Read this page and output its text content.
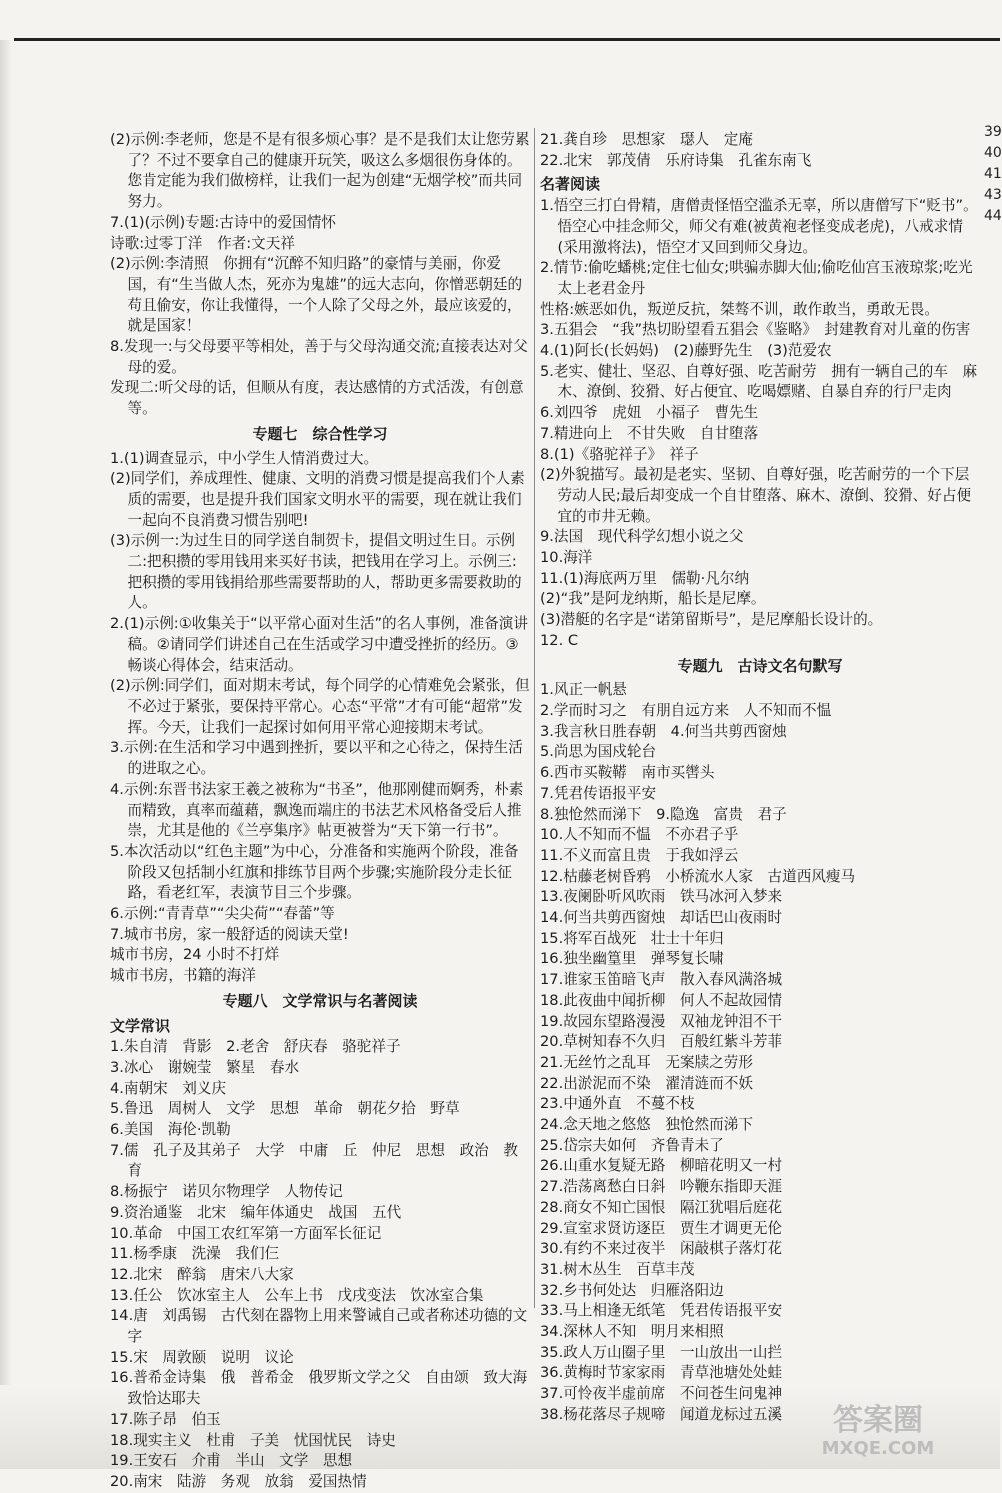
(2)示例:李老师，您是不是有很多烦心事？是不是我们太让您劳累了？不过不要拿自己的健康开玩笑，吸这么多烟很伤身体的。您肯定能为我们做榜样，让我们一起为创建“无烟学校”而共同努力。

7.(1)(示例)专题:古诗中的爱国情怀

诗歌:过零丁洋　作者:文天祥

(2)示例:李清照　你拥有“沉醉不知归路”的豪情与美丽，你爱国，有“生当做人杰，死亦为鬼雄”的远大志向，你憎恶朝廷的苟且偷安，你让我懂得，一个人除了父母之外，最应该爱的，就是国家！

8.发现一:与父母要平等相处，善于与父母沟通交流;直接表达对父母的爱。

发现二:听父母的话，但顺从有度，表达感情的方式活泼，有创意等。

专题七　综合性学习

1.(1)调查显示，中小学生人情消费过大。

(2)同学们，养成理性、健康、文明的消费习惯是提高我们个人素质的需要，也是提升我们国家文明水平的需要，现在就让我们一起向不良消费习惯告别吧!

(3)示例一:为过生日的同学送自制贺卡，提倡文明过生日。示例二:把积攒的零用钱用来买好书读，把钱用在学习上。示例三:把积攒的零用钱捐给那些需要帮助的人，帮助更多需要救助的人。

2.(1)示例:①收集关于“以平常心面对生活”的名人事例，准备演讲稿。②请同学们讲述自己在生活或学习中遭受挫折的经历。③畅谈心得体会，结束活动。

(2)示例:同学们，面对期末考试，每个同学的心情难免会紧张，但不必过于紧张，要保持平常心。心态“平常”才有可能“超常”发挥。今天，让我们一起探讨如何用平常心迎接期末考试。

3.示例:在生活和学习中遇到挫折，要以平和之心待之，保持生活的进取之心。

4.示例:东晋书法家王羲之被称为“书圣”，他那刚健而婀秀，朴素而精致，真率而蕴藉，飘逸而端庄的书法艺术风格备受后人推崇，尤其是他的《兰亭集序》帖更被誉为“天下第一行书”。

5.本次活动以“红色主题”为中心，分准备和实施两个阶段，准备阶段又包括制小红旗和排练节目两个步骤;实施阶段分走长征路，看老红军，表演节目三个步骤。

6.示例:“青青草”“尖尖荷”“春蕾”等

7.城市书房，家一般舒适的阅读天堂!

城市书房，24 小时不打烊

城市书房，书籍的海洋

专题八　文学常识与名著阅读
文学常识

1.朱自清　背影　2.老舍　舒庆春　骆驼祥子

3.冰心　谢婉莹　繁星　春水

4.南朝宋　刘义庆

5.鲁迅　周树人　文学　思想　革命　朝花夕拾　野草

6.美国　海伦·凯勒

7.儒　孔子及其弟子　大学　中庸　丘　仲尼　思想　政治　教育

8.杨振宁　诺贝尔物理学　人物传记

9.资治通鉴　北宋　编年体通史　战国　五代

10.革命　中国工农红军第一方面军长征记

11.杨季康　洗澡　我们仨

12.北宋　醉翁　唐宋八大家

13.任公　饮冰室主人　公车上书　戊戌变法　饮冰室合集

14.唐　刘禹锡　古代刻在器物上用来警诫自己或者称述功德的文字

15.宋　周敦颐　说明　议论

16.普希金诗集　俄　普希金　俄罗斯文学之父　自由颂　致大海　致恰达耶夫

17.陈子昂　伯玉

18.现实主义　杜甫　子美　忧国忧民　诗史

19.王安石　介甫　半山　文学　思想

20.南宋　陆游　务观　放翁　爱国热情

21.龚自珍　思想家　璱人　定庵

22.北宋　郭茂倩　乐府诗集　孔雀东南飞

名著阅读

1.悟空三打白骨精，唐僧责怪悟空滥杀无辜，所以唐僧写下“贬书”。悟空心中挂念师父，师父有难(被黄袍老怪变成老虎)，八戒求情(采用激将法)，悟空才又回到师父身边。

2.情节:偷吃蟠桃;定住七仙女;哄骗赤脚大仙;偷吃仙宫玉液琼浆;吃光太上老君金丹

性格:嫉恶如仇，叛逆反抗，桀骜不训，敢作敢当，勇敢无畏。

3.五猖会　“我”热切盼望看五猖会《鉴略》　封建教育对儿童的伤害

4.(1)阿长(长妈妈)　(2)藤野先生　(3)范爱农

5.老实、健壮、坚忍、自尊好强、吃苦耐劳　拥有一辆自己的车　麻木、潦倒、狡猾、好占便宜、吃喝嫖赌、自暴自弃的行尸走肉

6.刘四爷　虎妞　小福子　曹先生

7.精进向上　不甘失败　自甘堕落

8.(1)《骆驼祥子》　祥子

(2)外貌描写。最初是老实、坚韧、自尊好强，吃苦耐劳的一个下层劳动人民;最后却变成一个自甘堕落、麻木、潦倒、狡猾、好占便宜的市井无赖。

9.法国　现代科学幻想小说之父

10.海洋

11.(1)海底两万里　儒勒·凡尔纳

(2)“我”是阿龙纳斯，船长是尼摩。

(3)潜艇的名字是“诺第留斯号”，是尼摩船长设计的。

12. C

专题九　古诗文名句默写

1.风正一帆悬

2.学而时习之　有朋自远方来　人不知而不愠

3.我言秋日胜春朝　4.何当共剪西窗烛

5.尚思为国戍轮台

6.西市买鞍鞯　南市买辔头

7.凭君传语报平安

8.独怆然而涕下　9.隐逸　富贵　君子

10.人不知而不愠　不亦君子乎

11.不义而富且贵　于我如浮云

12.枯藤老树昏鸦　小桥流水人家　古道西风瘦马

13.夜阑卧听风吹雨　铁马冰河入梦来

14.何当共剪西窗烛　却话巴山夜雨时

15.将军百战死　壮士十年归

16.独坐幽篁里　弹琴复长啸

17.谁家玉笛暗飞声　散入春风满洛城

18.此夜曲中闻折柳　何人不起故园情

19.故园东望路漫漫　双袖龙钟泪不干

20.草树知春不久归　百般红紫斗芳菲

21.无丝竹之乱耳　无案牍之劳形

22.出淤泥而不染　濯清涟而不妖

23.中通外直　不蔓不枝

24.念天地之悠悠　独怆然而涕下

25.岱宗夫如何　齐鲁青未了

26.山重水复疑无路　柳暗花明又一村

27.浩荡离愁白日斜　吟鞭东指即天涯

28.商女不知亡国恨　隔江犹唱后庭花

29.宣室求贤访逐臣　贾生才调更无伦

30.有约不来过夜半　闲敲棋子落灯花

31.树木丛生　百草丰茂

32.乡书何处达　归雁洛阳边

33.马上相逢无纸笔　凭君传语报平安

34.深林人不知　明月来相照

35.政人万山圈子里　一山放出一山拦

36.黄梅时节家家雨　青草池塘处处蛙

37.可怜夜半虚前席　不问苍生问鬼神

38.杨花落尽子规啼　闻道龙标过五溪

39
40
41
43
44
答案圈
MXQE.COM
